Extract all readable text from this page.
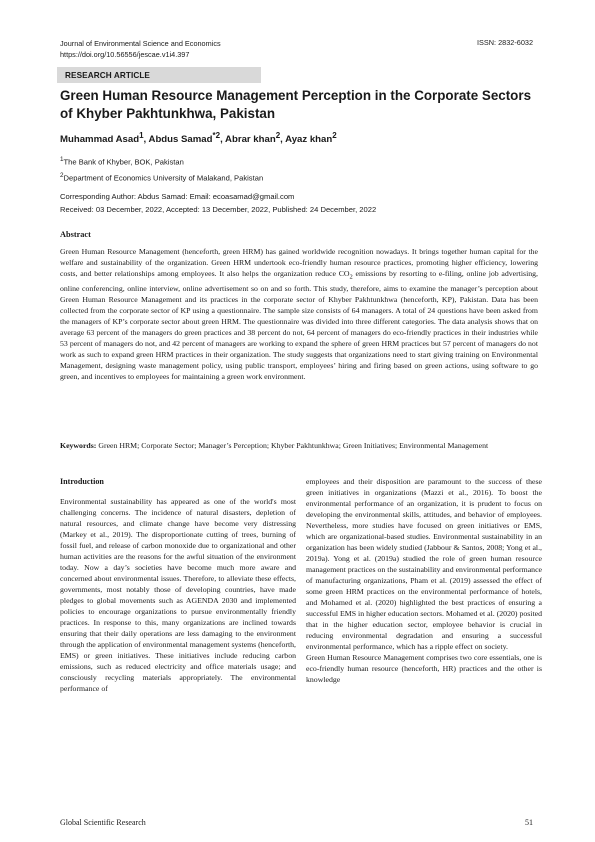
Journal of Environmental Science and Economics
https://doi.org/10.56556/jescae.v1i4.397
ISSN: 2832-6032
RESEARCH ARTICLE
Green Human Resource Management Perception in the Corporate Sectors of Khyber Pakhtunkhwa, Pakistan
Muhammad Asad$^1$, Abdus Samad$^{*2}$, Abrar khan$^2$, Ayaz khan$^2$
$^1$The Bank of Khyber, BOK, Pakistan
$^2$Department of Economics University of Malakand, Pakistan
Corresponding Author: Abdus Samad: Email: ecoasamad@gmail.com
Received: 03 December, 2022, Accepted: 13 December, 2022, Published: 24 December, 2022
Abstract
Green Human Resource Management (henceforth, green HRM) has gained worldwide recognition nowadays. It brings together human capital for the welfare and sustainability of the organization. Green HRM undertook eco-friendly human resource practices, promoting higher efficiency, lowering costs, and better relationships among employees. It also helps the organization reduce $CO_2$ emissions by resorting to e-filing, online job advertising, online conferencing, online interview, online advertisement so on and so forth. This study, therefore, aims to examine the manager’s perception about Green Human Resource Management and its practices in the corporate sector of Khyber Pakhtunkhwa (henceforth, KP), Pakistan. Data has been collected from the corporate sector of KP using a questionnaire. The sample size consists of 64 managers. A total of 24 questions have been asked from the managers of KP’s corporate sector about green HRM. The questionnaire was divided into three different categories. The data analysis shows that on average 63 percent of the managers do green practices and 38 percent do not, 64 percent of managers do eco-friendly practices in their industries while 53 percent of managers do not, and 42 percent of managers are working to expand the sphere of green HRM practices but 57 percent of managers do not work as such to expand green HRM practices in their organization. The study suggests that organizations need to start giving training on Environmental Management, designing waste management policy, using public transport, employees’ hiring and firing based on green actions, using software to go green, and incentives to employees for maintaining a green work environment.
Keywords: Green HRM; Corporate Sector; Manager’s Perception; Khyber Pakhtunkhwa; Green Initiatives; Environmental Management
Introduction

Environmental sustainability has appeared as one of the world's most challenging concerns. The incidence of natural disasters, depletion of natural resources, and climate change have become very distressing (Markey et al., 2019). The disproportionate cutting of trees, burning of fossil fuel, and release of carbon monoxide due to organizational and other human activities are the reasons for the awful situation of the environment today. Now a day’s societies have become much more aware and concerned about environmental issues. Therefore, to alleviate these effects, governments, most notably those of developing countries, have made pledges to global movements such as AGENDA 2030 and implemented policies to encourage organizations to pursue environmentally friendly practices. In response to this, many organizations are inclined towards ensuring that their daily operations are less damaging to the environment through the application of environmental management systems (henceforth, EMS) or green initiatives. These initiatives include reducing carbon emissions, such as reduced electricity and office materials usage; and consciously recycling materials appropriately. The environmental performance of

employees and their disposition are paramount to the success of these green initiatives in organizations (Mazzi et al., 2016). To boost the environmental performance of an organization, it is prudent to focus on developing the environmental skills, attitudes, and behavior of employees. Nevertheless, more studies have focused on green initiatives or EMS, which are organizational-based studies. Environmental sustainability in an organization has been widely studied (Jabbour & Santos, 2008; Yong et al., 2019a). Yong et al. (2019a) studied the role of green human resource management practices on the sustainability and environmental performance of manufacturing organizations, Pham et al. (2019) assessed the effect of some green HRM practices on the environmental performance of hotels, and Mohamed et al. (2020) highlighted the best practices of ensuring a successful EMS in higher education sectors. Mohamed et al. (2020) posited that in the higher education sector, employee behavior is crucial in reducing environmental degradation and ensuring a successful environmental performance, which has a ripple effect on society.

Green Human Resource Management comprises two core essentials, one is eco-friendly human resource (henceforth, HR) practices and the other is knowledge

Global Scientific Research	51
